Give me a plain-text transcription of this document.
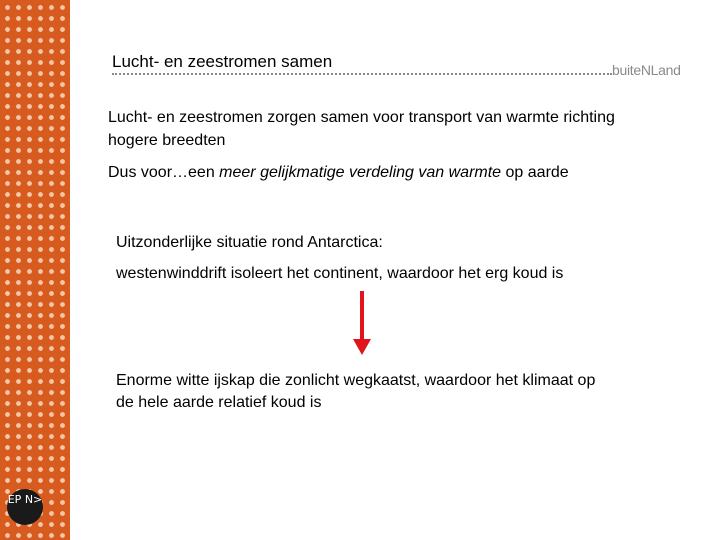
EP N>
Lucht- en zeestromen samen	buiteNLand
Lucht- en zeestromen zorgen samen voor transport van warmte richting hogere breedten
Dus voor…een meer gelijkmatige verdeling van warmte op aarde
Uitzonderlijke situatie rond Antarctica:
westenwinddrift isoleert het continent, waardoor het erg koud is
Enorme witte ijskap die zonlicht wegkaatst, waardoor het klimaat op de hele aarde relatief koud is
